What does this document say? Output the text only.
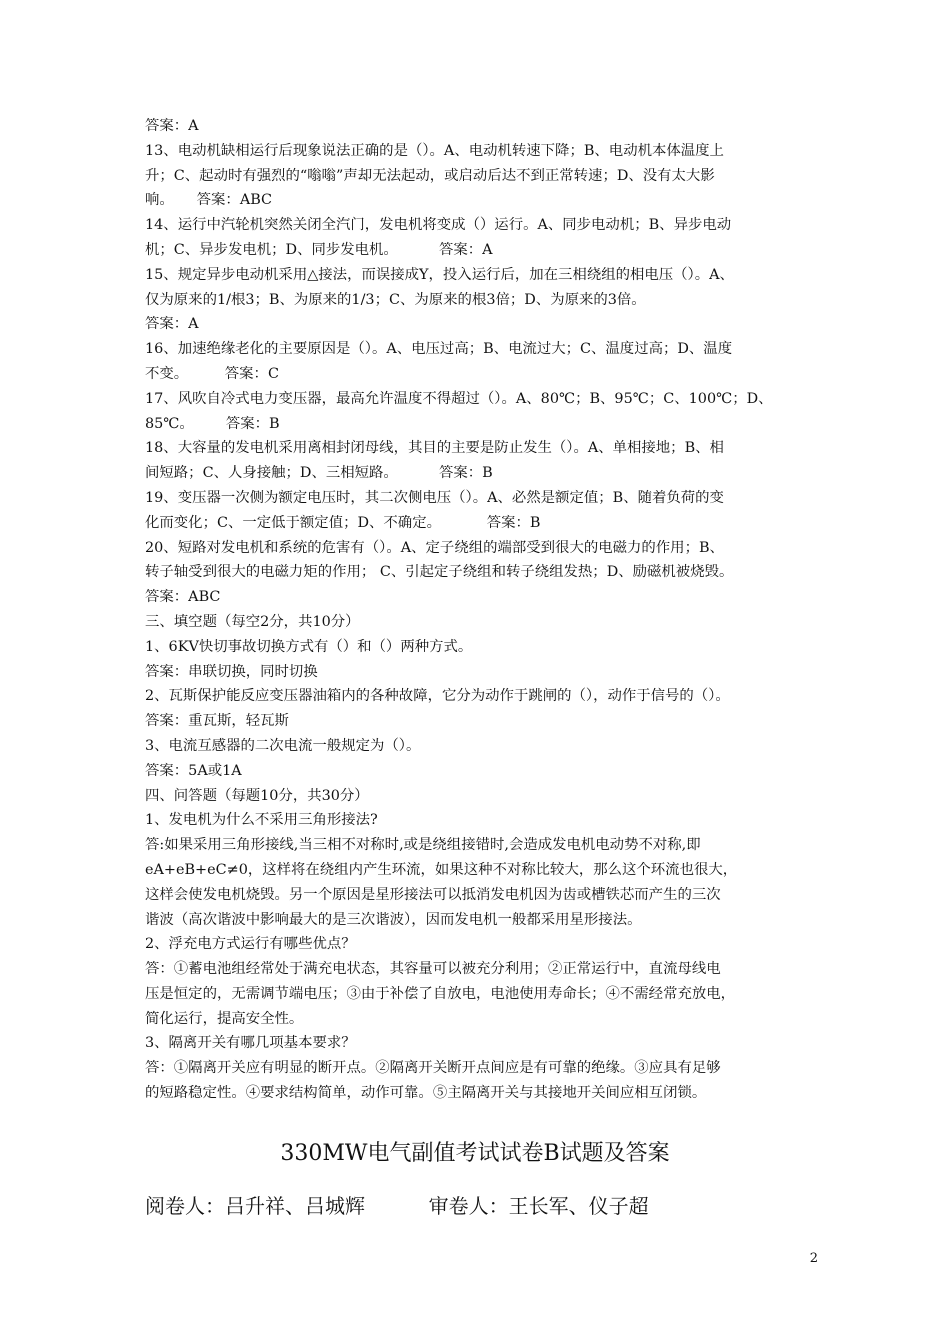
答案：A
13、电动机缺相运行后现象说法正确的是（）。A、电动机转速下降；B、电动机本体温度上
升；C、起动时有强烈的“嗡嗡”声却无法起动，或启动后达不到正常转速；D、没有太大影
响。     答案：ABC
14、运行中汽轮机突然关闭全汽门，发电机将变成（）运行。A、同步电动机；B、异步电动
机；C、异步发电机；D、同步发电机。         答案：A
15、规定异步电动机采用△接法，而误接成Y，投入运行后，加在三相绕组的相电压（）。A、
仅为原来的1/根3；B、为原来的1/3；C、为原来的根3倍；D、为原来的3倍。
答案：A
16、加速绝缘老化的主要原因是（）。A、电压过高；B、电流过大；C、温度过高；D、温度
不变。        答案：C
17、风吹自冷式电力变压器，最高允许温度不得超过（）。A、80℃；B、95℃；C、100℃；D、
85℃。       答案：B
18、大容量的发电机采用离相封闭母线，其目的主要是防止发生（）。A、单相接地；B、相
间短路；C、人身接触；D、三相短路。         答案：B
19、变压器一次侧为额定电压时，其二次侧电压（）。A、必然是额定值；B、随着负荷的变
化而变化；C、一定低于额定值；D、不确定。          答案：B
20、短路对发电机和系统的危害有（）。A、定子绕组的端部受到很大的电磁力的作用；B、
转子轴受到很大的电磁力矩的作用； C、引起定子绕组和转子绕组发热；D、励磁机被烧毁。
答案：ABC
三、填空题（每空2分，共10分）
1、6KV快切事故切换方式有（）和（）两种方式。
答案：串联切换，同时切换
2、瓦斯保护能反应变压器油箱内的各种故障，它分为动作于跳闸的（），动作于信号的（）。
答案：重瓦斯，轻瓦斯
3、电流互感器的二次电流一般规定为（）。
答案：5A或1A
四、问答题（每题10分，共30分）
1、发电机为什么不采用三角形接法?
答:如果采用三角形接线,当三相不对称时,或是绕组接错时,会造成发电机电动势不对称,即
eA+eB+eC≠0，这样将在绕组内产生环流，如果这种不对称比较大，那么这个环流也很大，
这样会使发电机烧毁。另一个原因是星形接法可以抵消发电机因为齿或槽铁芯而产生的三次
谐波（高次谐波中影响最大的是三次谐波），因而发电机一般都采用星形接法。
2、浮充电方式运行有哪些优点？
答：①蓄电池组经常处于满充电状态，其容量可以被充分利用；②正常运行中，直流母线电
压是恒定的，无需调节端电压；③由于补偿了自放电，电池使用寿命长；④不需经常充放电，
简化运行，提高安全性。
3、隔离开关有哪几项基本要求？
答：①隔离开关应有明显的断开点。②隔离开关断开点间应是有可靠的绝缘。③应具有足够
的短路稳定性。④要求结构简单，动作可靠。⑤主隔离开关与其接地开关间应相互闭锁。
330MW电气副值考试试卷B试题及答案
阅卷人：吕升祥、吕城辉          审卷人：王长军、仪子超
2
